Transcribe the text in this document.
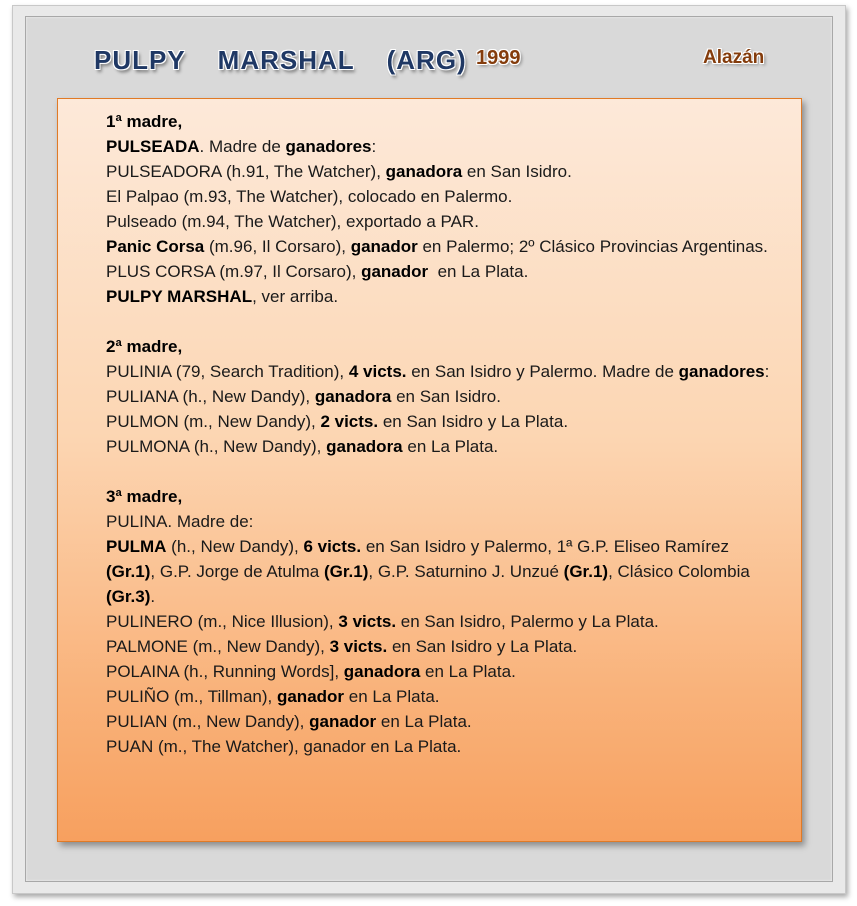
PULPY  MARSHAL  (ARG) 1999	Alazán

1ª madre,

PULSEADA. Madre de ganadores:

PULSEADORA (h.91, The Watcher), ganadora en San Isidro.

El Palpao (m.93, The Watcher), colocado en Palermo.

Pulseado (m.94, The Watcher), exportado a PAR.

Panic Corsa (m.96, Il Corsaro), ganador en Palermo; 2º Clásico Provincias Argentinas.

PLUS CORSA (m.97, Il Corsaro), ganador  en La Plata.

PULPY MARSHAL, ver arriba.

2ª madre,

PULINIA (79, Search Tradition), 4 victs. en San Isidro y Palermo. Madre de ganadores:

PULIANA (h., New Dandy), ganadora en San Isidro.

PULMON (m., New Dandy), 2 victs. en San Isidro y La Plata.

PULMONA (h., New Dandy), ganadora en La Plata.

3ª madre,

PULINA. Madre de:

PULMA (h., New Dandy), 6 victs. en San Isidro y Palermo, 1ª G.P. Eliseo Ramírez (Gr.1), G.P. Jorge de Atulma (Gr.1), G.P. Saturnino J. Unzué (Gr.1), Clásico Colombia (Gr.3).

PULINERO (m., Nice Illusion), 3 victs. en San Isidro, Palermo y La Plata.

PALMONE (m., New Dandy), 3 victs. en San Isidro y La Plata.

POLAINA (h., Running Words], ganadora en La Plata.

PULIÑO (m., Tillman), ganador en La Plata.

PULIAN (m., New Dandy), ganador en La Plata.

PUAN (m., The Watcher), ganador en La Plata.
